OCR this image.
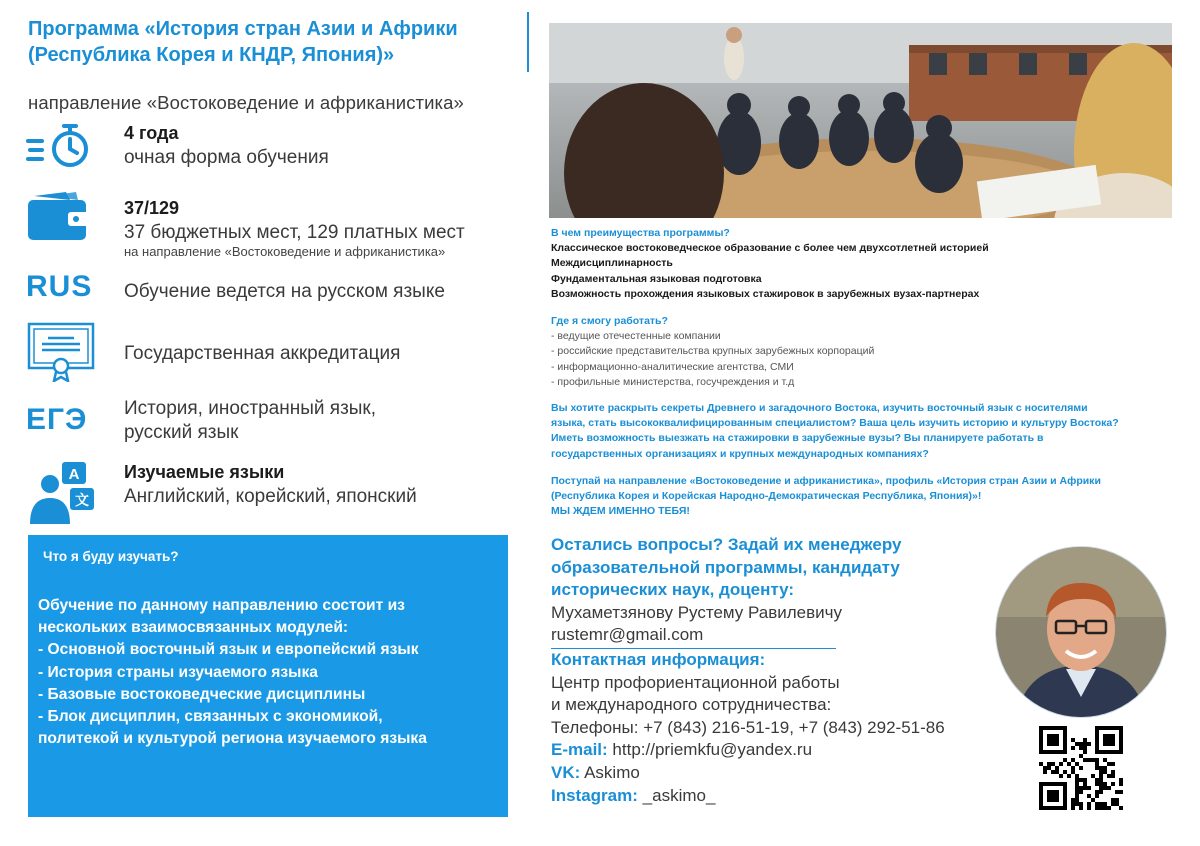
Программа «История стран Азии и Африки (Республика Корея и КНДР, Япония)»
направление «Востоковедение и африканистика»
4 года
очная форма обучения
37/129
37 бюджетных мест, 129 платных мест
на направление «Востоковедение и африканистика»
RUS Обучение ведется на русском языке
Государственная аккредитация
ЕГЭ История, иностранный язык,
русский язык
A
文
Изучаемые языки
Английский, корейский, японский
Что я буду изучать?
Обучение по данному направлению состоит из
нескольких взаимосвязанных модулей:
- Основной восточный язык и европейский язык
- История страны изучаемого языка
- Базовые востоковедческие дисциплины
- Блок дисциплин, связанных с экономикой,
политекой и культурой региона изучаемого языка
В чем преимущества программы?
Классическое востоковедческое образование с более чем двухсотлетней историей
Междисциплинарность
Фундаментальная языковая подготовка
Возможность прохождения языковых стажировок в зарубежных вузах-партнерах
Где я смогу работать?
- ведущие отечестенные компании
- российские представительства крупных зарубежных корпораций
- информационно-аналитические агентства, СМИ
- профильные министерства, госучреждения и т.д
Вы хотите раскрыть секреты Древнего и загадочного Востока, изучить восточный язык с носителями
языка, стать высококвалифицированным специалистом? Ваша цель изучить историю и культуру Востока?
Иметь возможность выезжать на стажировки в зарубежные вузы? Вы планируете работать в
государственных организациях и крупных международных компаниях?
Поступай на направление «Востоковедение и африканистика», профиль «История стран Азии и Африки
(Республика Корея и Корейская Народно-Демократическая Республика, Япония)»!
МЫ ЖДЕМ ИМЕННО ТЕБЯ!
Остались вопросы? Задай их менеджеру
образовательной программы, кандидату
исторических наук, доценту:
Мухаметзянову Рустему Равилевичу
rustemr@gmail.com
Контактная информация:
Центр профориентационной работы
и международного сотрудничества:
Телефоны: +7 (843) 216-51-19, +7 (843) 292-51-86
E-mail: http://priemkfu@yandex.ru
VK: Askimo
Instagram: _askimo_
